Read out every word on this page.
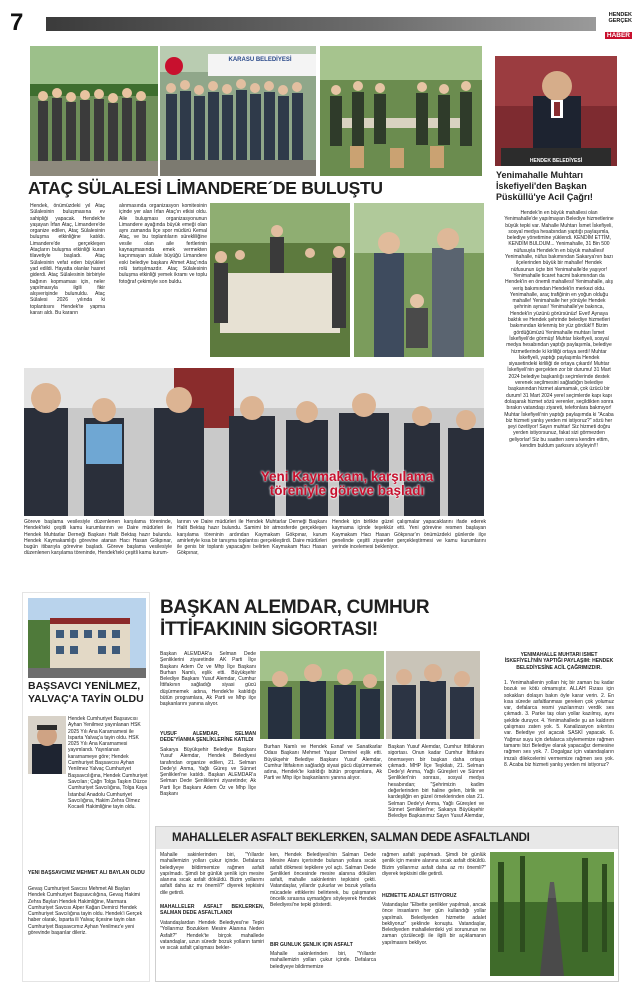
7	HENDEK
GERÇEK
HABER
KARASU BELEDİYESİ
ATAÇ SÜLALESİ LİMANDERE´DE BULUŞTU
Hendek, önümüzdeki yıl Ataç Sülalesinin buluşmasına ev sahipliği yapacak. Hendek'te yaşayan İrfan Ataç, Limandere'de organize edilen, Ataç Sülalesinin buluşma etkinliğine katıldı. Limandere'de gerçekleşen Ataçların buluşma etkinliği kuran tilavetiyle başladı. Ataç Sülalesinin vefat eden büyükleri yad edildi. Hayatta olanlar hasret giderdi. Ataç Sülalesinin birbiriyle bağının kopmaması için, neler yapılmasıyla ilgili fikir alışverişinde bulunuldu. Ataç Sülalesi 2026 yılında ki toplantısını Hendek'te yapma kararı aldı. Bu kararın
alınmasında organizasyon komitesinin içinde yer alan İrfan Ataç'ın etkisi oldu. Aile buluşması organizasyonunun Limandere ayağında büyük emeği olan aynı zamanda İlçe spor müdürü Kemal Ataç, ve bu toplantıların sürekliliğine vesile olan aile fertlerinin kaynaşmasında emek vermekten kaçınmayan sülale büyüğü Limandere eski belediye başkanı Ahmet Ataç'ında rolü tartışılmazdır. Ataç Sülalesinin buluşma etkinliği yemek ikramı ve toplu fotoğraf çekimiyle son buldu.
HENDEK BELEDİYESİ
Yenimahalle Muhtarı
İskefiyeli'den Başkan
Püsküllü'ye Acil Çağrı!
Hendek'in en büyük mahallesi olan Yenimahalle'de yapılmayan Belediye hizmetlerine büyük tepki var. Mahalle Muhtarı İsmet İskefiyeli, sosyal medya hesabından yaptığı paylaşımla, belediye yönetimine yüklendi. KENDİM ETTİM, KENDİM BULDUM... Yenimahalle, 31 Bin 500 nüfusuyla Hendek'in en büyük mahallesi! Yenimahalle, nüfus bakımından Sakarya'nın bazı ilçelerinden büyük bir mahalle! Hendek nüfusunun üçte biri Yenimahalle'de yaşıyor! Yenimahalle ticaret hacmi bakımından da Hendek'in en önemli mahallesi! Yenimahalle, alış veriş bakımından Hendek'in merkezi oldu. Yenimahalle, araç trafiğinin en yoğun olduğu mahalle! Yenimahalle her yönüyle Hendek şehrinin aynası! Yenimahalle'ye bakınca, Hendek'in yüzünü görürsünüz! Evet! Aynaya baktık ve Hendek şehrinde belediye hizmetleri bakımından kirlenmiş bir yüz gördük!!! Bizim gördüğümüzü Yenimahalle muhtarı İsmet İskefiyeli'de görmüş! Muhtar İskefiyeli, sosyal medya hesabından yaptığı paylaşımla, belediye hizmetlerinde ki kirliliği ortaya serdi! Muhtar İskefiyeli, yaptığı paylaşımla Hendek siyasetindeki kirliliği de ortaya çıkardı! Muhtar İskefiyeli'nin gerçekten zor bir durumu! 31 Mart 2024 belediye başkanlığı seçimlerinde destek verenek seçilmesini sağladığın belediye başkanından hizmet alamamak, çok üzücü bir durum! 31 Mart 2024 yerel seçimlerde kapı kapı dolaşarak hizmet sözü verenler, seçildikten sonra bırakın vatandaşı ziyareti, telefonlara bakmıyor! Muhtar İskefiyeli'nin yaptığı paylaşımda ki "Acaba biz hizmeti yanlış yerden mi istiyoruz?" sözü her şeyi özetliyor! Sayın muhtar! Siz hizmeti doğru yerden istiyorsunuz, fakat sizi görmezden geliyorlar! Siz bu saatten sonra kendim ettim, kendim buldum şarkısını söyleyin!!!
YENİMAHALLE MUHTARI İSMET İSKEFİYELİ'NİN YAPTIĞI PAYLAŞIM: HENDEK BELEDİYESİNE ACİL ÇAĞRIMIZDIR.
1. Yenimahallenin yolları hiç bir zaman bu kadar bozuk ve kötü olmamıştır. ALLAH Rızası için sokakları dolaşın bakın öyle karar verin. 2. En kısa sürede asfaltlanması gereken çok yolumuz var, defalarca resmi yazılarımızı verdik ses çıkmadı. 3. Parke taş olan yollar kazılmış, aynı şekilde duruyor. 4. Yenimahallede şu an kaldırım çalışması zaten yok. 5. Kanalizasyon sıkıntısı var. Belediye yol açacak SASKİ yapacak. 6. Yağmur suyu için defalarca söylememize rağmen tamamı bizi Belediye olarak yapacağız demesine rağmen ses yok. 7. Dogalgaz için vatandaşların imzalı dilekcelerini vermemize rağmen ses yok. 8. Acaba biz hizmeti yanlış yerden mi istiyoruz?
Yeni Kaymakam, karşılama
töreniyle göreve başladı
Göreve başlama vesilesiyle düzenlenen karşılama töreninde, Hendek'teki çeşitli kamu kurumlarının ve Daire müdürleri ile Hendek Muhtarlar Derneği Başkanı Halit Bektaş hazır bulundu. Hendek Kaymakamlığı görevine atanan Hacı Hasan Gökpınar, bugün itibarıyla görevine başladı. Göreve başlama vesilesiyle düzenlenen karşılama töreninde, Hendek'teki çeşitli kamu kurum-
larının ve Daire müdürleri ile Hendek Muhtarlar Derneği Başkanı Halit Bektaş hazır bulundu. Samimi bir atmosferde gerçekleşen karşılama töreninin ardından Kaymakam Gökpınar, kurum amirleriyle kısa bir tanışma toplantısı gerçekleştirdi. Daire müdürleri ile genis bir toplantı yapacağını belirten Kaymakam Hacı Hasan Gökpınar,
Hendek için birlikte güzel çalışmalar yapacaklarını ifade ederek kaymama içinde teşekkür etti. Yeni görevine resmen başlayan Kaymakam Hacı Hasan Gökpınar'ın önümüzdeki günlerde ilçe genelinde çeşitli ziyaretler gerçekleştirmesi ve kamu kurumlarını yerinde incelemesi bekleniyor.
BAŞSAVCI YENİLMEZ, YALVAÇ'A TAYİN OLDU
Hendek Cumhuriyet Başsavcısı Ayhan Yenilmez yayınlanan HSK 2025 Yılı Ana Kararnamesi ile Isparta Yalvaç'a tayin oldu. HSK 2025 Yılı Ana Kararnamesi yayımlandı. Yayınlanan kararnameye göre; Hendek Cumhuriyet Başsavcısı Ayhan Yenilmez Yalvaç Cumhuriyet Başsavcılığına, Hendek Cumhuriyet Savcıları; Çağrı Tolga Taşkın Düzce Cumhuriyet Savcılığına, Tolga Kaya İstanbul Anadolu Cumhuriyet Savcılığına, Hakim Zehra Ölmez Kocaeli Hakimliğine tayin oldu.
YENİ BAŞSAVCIMIZ MEHMET ALİ BAYLAN OLDU
Gevaş Cumhuriyet Savcısı Mehmet Ali Baylan Hendek Cumhuriyet Başsavcılığına, Gevaş Hakimi Zehra Baylan Hendek Hakimliğine, Marmara Cumhuriyet Savcısı Alper Kağan Demirci Hendek Cumhuriyet Savcılığına tayin oldu. Hendek'i Gerçek haber olarak, Isparta ili Yalvaç ilçesine tayin olan Cumhuriyet Başsavcımız Ayhan Yenilmez'e yeni görevinde başarılar dileriz.
BAŞKAN ALEMDAR, CUMHUR
İTTİFAKININ SİGORTASI!
Başkan ALEMDAR'a Selman Dede Şenliklerini ziyaretinde AK Parti İlçe Başkanı Adem Öz ve Mhp İlçe Başkanı Burhan Namlı, eşlik etti. Büyükşehir Belediye Başkanı Yusuf Alemdar, Cumhur İttifakının sağladığı siyasi gücü düşürmemek adına, Hendek'te katıldığı bütün programlara, Ak Parti ve Mhp ilçe başkanlarını yanına alıyor.
YUSUF ALEMDAR, SELMAN DEDE'YİANMA ŞENLİKLERİNE KATILDI
Sakarya Büyükşehir Belediye Başkanı Yusuf Alemdar, Hendek Belediyesi tarafından organize edilen, 21. Selman Dede'yi Anma, Yağlı Güreş ve Sünnet Şenlikleri'ne katıldı. Başkan ALEMDAR'a Selman Dede Şenliklerini ziyaretinde; Ak Parti İlçe Başkanı Adem Öz ve Mhp İlçe Başkanı
Burhan Namlı ve Hendek Esnaf ve Sanatkarlar Odası Başkanı Mehmet Yaşar Demirel eşlik etti. Büyükşehir Belediye Başkanı Yusuf Alemdar, Cumhur İttifakının sağladığı siyasi gücü düşürmemek adına, Hendek'te katıldığı bütün programlara, Ak Parti ve Mhp ilçe başkanlarını yanına alıyor.
Başkan Yusuf Alemdar, Cumhur İttifakının sigortası. Onun kadar Cumhur İttifakını önemseyen bir başkan daha ortaya çıkmadı. MHP İlçe Teşkilatı, 21. Selman Dede'yi Anma, Yağlı Güreşleri ve Sünnet Şenlikleri'nin sonrası, sosyal medya hesabından; "Şehrimizin kadim değerlerinden biri haline gelen, birlik ve kardeşliğin en güzel örneklerinden olan 21. Selman Dede'yi Anma, Yağlı Güreşleri ve Sünnet Şenlikleri'ne; Sakarya Büyükşehir Belediye Başkanımız Sayın Yusuf Alemdar,
MAHALLELER ASFALT BEKLERKEN, SALMAN DEDE ASFALTLANDI
Mahalle sakinlerinden biri, "Yıllardır mahallemizin yolları çukur içinde. Defalarca belediyeye bildirmemize rağmen asfalt yapılmadı. Şimdi bir günlük şenlik için mesire alanına sıcak asfalt döküldü. Bizim yollarımı asfalt daha az mı önemli?" diyerek tepkisini dile getirdi.
MAHALLELER ASFALT BEKLERKEN, SALMAN DEDE ASFALTLANDI
Vatandaşlardan Hendek Belediyesi'ne Tepki "Yollarımız Bozukken Mesire Alanına Neden Asfalt?" Hendek'te birçok mahallede vatandaşlar, uzun süredir bozuk yolların tamiri ve sıcak asfalt çalışması bekler-
ken, Hendek Belediyesi'nin Salman Dede Mesire Alanı içerisinde bulunan yollara sıcak asfalt dökmesi tepkilere yol açtı. Salman Dede Şenlikleri öncesinde mesire alanına dökülen asfalt, mahalle sakinlerinin tepkisini çekti. Vatandaşlar, yıllardır çukurlar ve bozuk yollarla mücadele ettiklerini belirterek, bu çalışmanın öncelik sırasına uymadığını söyleyerek Hendek Belediyesi'ne tepki gösterdi.
BİR GÜNLÜK ŞENLİK İÇİN ASFALT
Mahalle sakinlerinden biri, "Yıllardır mahallemizin yolları çukur içinde. Defalarca belediyeye bildirmemize
rağmen asfalt yapılmadı. Şimdi bir günlük şenlik için mesire alanına sıcak asfalt döküldü. Bizim yollarımız asfalt daha az mı önemli?" diyerek tepkisini dile getirdi.
HİZMETTE ADALET İSTİYORUZ
Vatandaşlar "Elbette şenlikler yapılmalı, ancak önce insanların her gün kullandığı yollar yapılmalı. Belediyeden hizmette adalet bekliyoruz" şeklinde konuştu. Vatandaşlar, Belediyeden mahallelerdeki yol sorununun ne zaman çözüleceği ile ilgili bir açıklamanın yapılmasını bekliyor.
